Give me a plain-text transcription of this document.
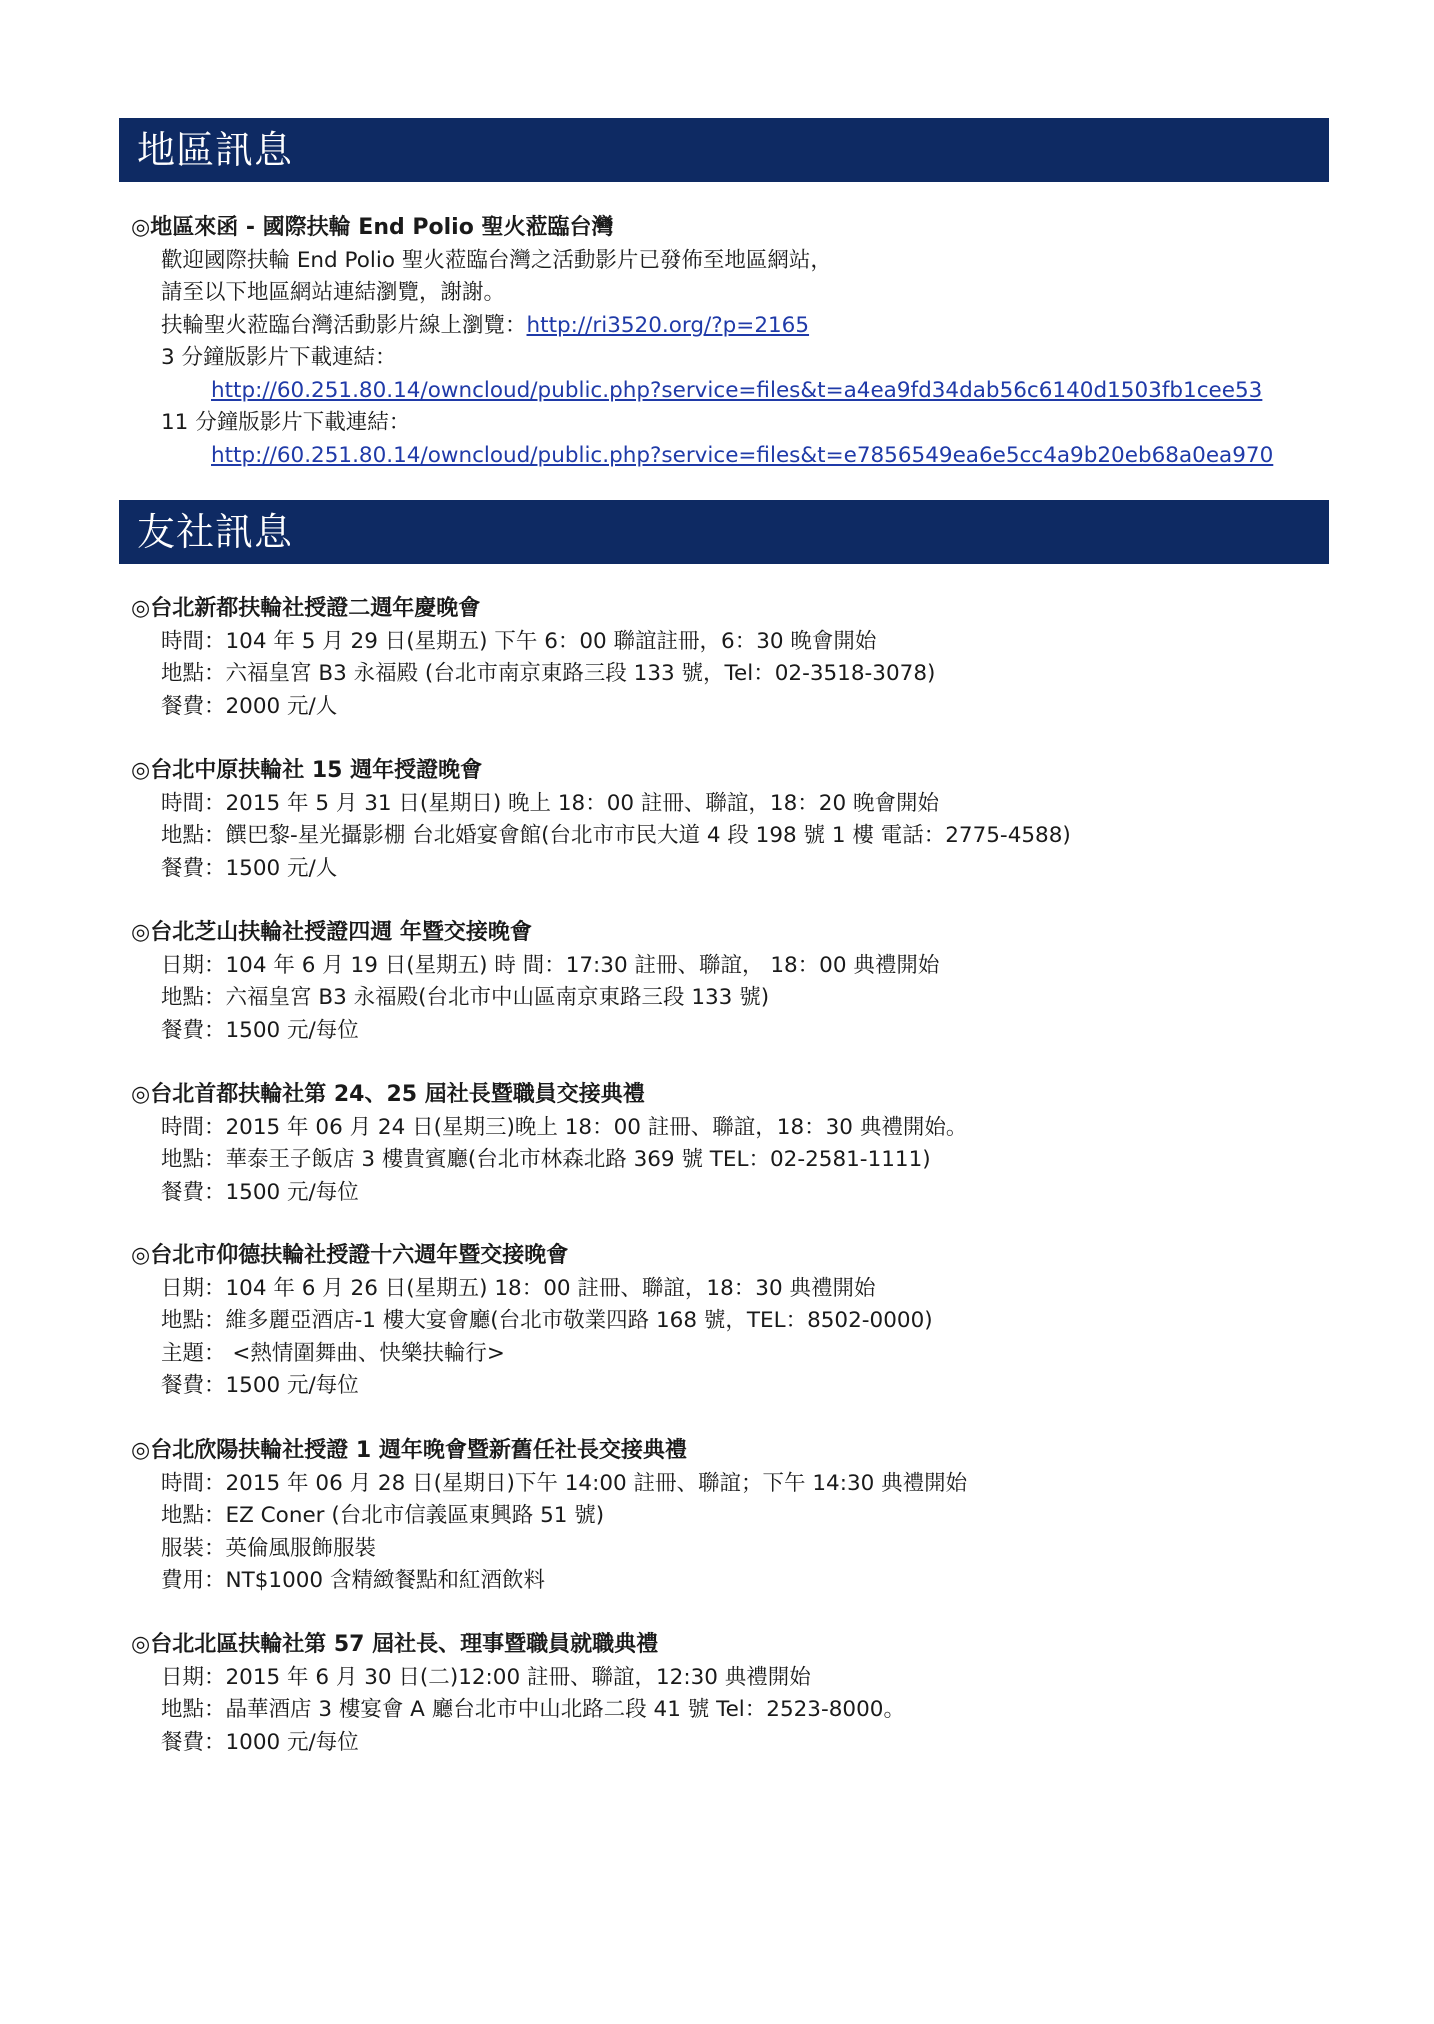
地區訊息
◎地區來函 - 國際扶輪 End Polio 聖火蒞臨台灣
歡迎國際扶輪 End Polio 聖火蒞臨台灣之活動影片已發佈至地區網站，
請至以下地區網站連結瀏覽，謝謝。
扶輪聖火蒞臨台灣活動影片線上瀏覽：http://ri3520.org/?p=2165
3 分鐘版影片下載連結：
http://60.251.80.14/owncloud/public.php?service=files&t=a4ea9fd34dab56c6140d1503fb1cee53
11 分鐘版影片下載連結：
http://60.251.80.14/owncloud/public.php?service=files&t=e7856549ea6e5cc4a9b20eb68a0ea970
友社訊息
◎台北新都扶輪社授證二週年慶晚會
時間：104 年 5 月 29 日(星期五) 下午 6：00 聯誼註冊，6：30 晚會開始
地點：六福皇宮 B3 永福殿 (台北市南京東路三段 133 號，Tel：02-3518-3078)
餐費：2000 元/人
◎台北中原扶輪社 15 週年授證晚會
時間：2015 年 5 月 31 日(星期日) 晚上 18：00 註冊、聯誼，18：20 晚會開始
地點：饌巴黎-星光攝影棚 台北婚宴會館(台北市市民大道 4 段 198 號 1 樓 電話：2775-4588)
餐費：1500 元/人
◎台北芝山扶輪社授證四週 年暨交接晚會
日期：104 年 6 月 19 日(星期五) 時 間：17:30 註冊、聯誼， 18：00 典禮開始
地點：六福皇宮 B3 永福殿(台北市中山區南京東路三段 133 號)
餐費：1500 元/每位
◎台北首都扶輪社第 24、25 屆社長暨職員交接典禮
時間：2015 年 06 月 24 日(星期三)晚上 18：00 註冊、聯誼，18：30 典禮開始。
地點：華泰王子飯店 3 樓貴賓廳(台北市林森北路 369 號 TEL：02-2581-1111)
餐費：1500 元/每位
◎台北市仰德扶輪社授證十六週年暨交接晚會
日期：104 年 6 月 26 日(星期五) 18：00 註冊、聯誼，18：30 典禮開始
地點：維多麗亞酒店-1 樓大宴會廳(台北市敬業四路 168 號，TEL：8502-0000)
主題： <熱情圍舞曲、快樂扶輪行>
餐費：1500 元/每位
◎台北欣陽扶輪社授證 1 週年晚會暨新舊任社長交接典禮
時間：2015 年 06 月 28 日(星期日)下午 14:00 註冊、聯誼；下午 14:30 典禮開始
地點：EZ Coner (台北市信義區東興路 51 號)
服裝：英倫風服飾服裝
費用：NT$1000 含精緻餐點和紅酒飲料
◎台北北區扶輪社第 57 屆社長、理事暨職員就職典禮
日期：2015 年 6 月 30 日(二)12:00 註冊、聯誼，12:30 典禮開始
地點：晶華酒店 3 樓宴會 A 廳台北市中山北路二段 41 號 Tel：2523-8000。
餐費：1000 元/每位
